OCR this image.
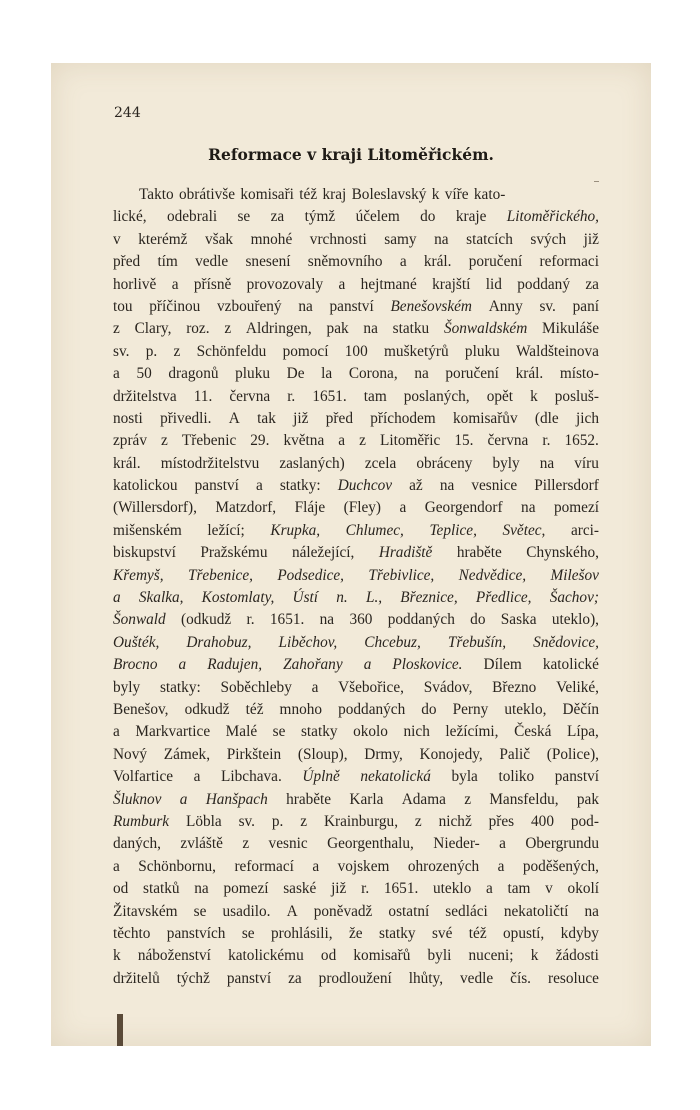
244
Reformace v kraji Litoměřickém.
Takto obrátivše komisaři též kraj Boleslavský k víře kato-
lické, odebrali se za týmž účelem do kraje Litoměřického,
v kterémž však mnohé vrchnosti samy na statcích svých již
před tím vedle snesení sněmovního a král. poručení reformaci
horlivě a přísně provozovaly a hejtmané krajští lid poddaný za
tou příčinou vzbouřený na panství Benešovském Anny sv. paní
z Clary, roz. z Aldringen, pak na statku Šonwaldském Mikuláše
sv. p. z Schönfeldu pomocí 100 mušketýrů pluku Waldšteinova
a 50 dragonů pluku De la Corona, na poručení král. místo-
držitelstva 11. června r. 1651. tam poslaných, opět k posluš-
nosti přivedli. A tak již před příchodem komisařův (dle jich
zpráv z Třebenic 29. května a z Litoměřic 15. června r. 1652.
král. místodržitelstvu zaslaných) zcela obráceny byly na víru
katolickou panství a statky: Duchcov až na vesnice Pillersdorf
(Willersdorf), Matzdorf, Fláje (Fley) a Georgendorf na pomezí
mišenském ležící; Krupka, Chlumec, Teplice, Světec, arci-
biskupství Pražskému náležející, Hradiště hraběte Chynského,
Křemyš, Třebenice, Podsedice, Třebivlice, Nedvědice, Milešov
a Skalka, Kostomlaty, Ústí n. L., Březnice, Předlice, Šachov;
Šonwald (odkudž r. 1651. na 360 poddaných do Saska uteklo),
Oušték, Drahobuz, Liběchov, Chcebuz, Třebušín, Snědovice,
Brocno a Radujen, Zahořany a Ploskovice. Dílem katolické
byly statky: Soběchleby a Všebořice, Svádov, Březno Veliké,
Benešov, odkudž též mnoho poddaných do Perny uteklo, Děčín
a Markvartice Malé se statky okolo nich ležícími, Česká Lípa,
Nový Zámek, Pirkštein (Sloup), Drmy, Konojedy, Palič (Police),
Volfartice a Libchava. Úplně nekatolická byla toliko panství
Šluknov a Hanšpach hraběte Karla Adama z Mansfeldu, pak
Rumburk Löbla sv. p. z Krainburgu, z nichž přes 400 pod-
daných, zvláště z vesnic Georgenthalu, Nieder- a Obergrundu
a Schönbornu, reformací a vojskem ohrozených a poděšených,
od statků na pomezí saské již r. 1651. uteklo a tam v okolí
Žitavském se usadilo. A poněvadž ostatní sedláci nekatoličtí na
těchto panstvích se prohlásili, že statky své též opustí, kdyby
k náboženství katolickému od komisařů byli nuceni; k žádosti
držitelů týchž panství za prodloužení lhůty, vedle čís. resoluce
